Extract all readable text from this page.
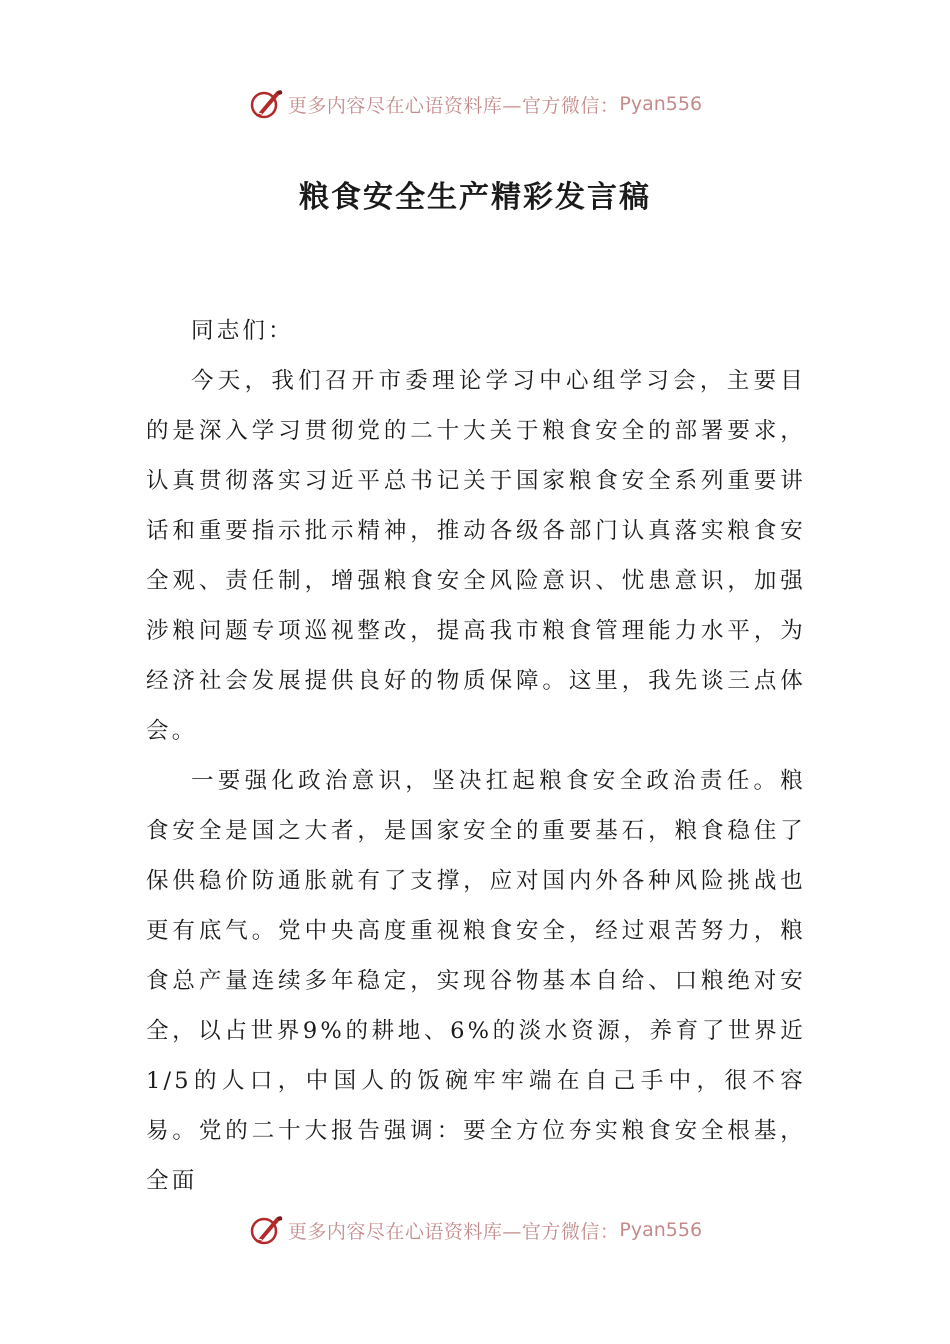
更多内容尽在心语资料库—官方微信： Pyan556
粮食安全生产精彩发言稿

同志们：

今天，我们召开市委理论学习中心组学习会，主要目的是深入学习贯彻党的二十大关于粮食安全的部署要求，认真贯彻落实习近平总书记关于国家粮食安全系列重要讲话和重要指示批示精神，推动各级各部门认真落实粮食安全观、责任制，增强粮食安全风险意识、忧患意识，加强涉粮问题专项巡视整改，提高我市粮食管理能力水平，为经济社会发展提供良好的物质保障。这里，我先谈三点体会。

一要强化政治意识，坚决扛起粮食安全政治责任。粮食安全是国之大者，是国家安全的重要基石，粮食稳住了保供稳价防通胀就有了支撑，应对国内外各种风险挑战也更有底气。党中央高度重视粮食安全，经过艰苦努力，粮食总产量连续多年稳定，实现谷物基本自给、口粮绝对安全，以占世界9%的耕地、6%的淡水资源，养育了世界近1/5的人口，中国人的饭碗牢牢端在自己手中，很不容易。党的二十大报告强调：要全方位夯实粮食安全根基，全面

更多内容尽在心语资料库—官方微信： Pyan556
